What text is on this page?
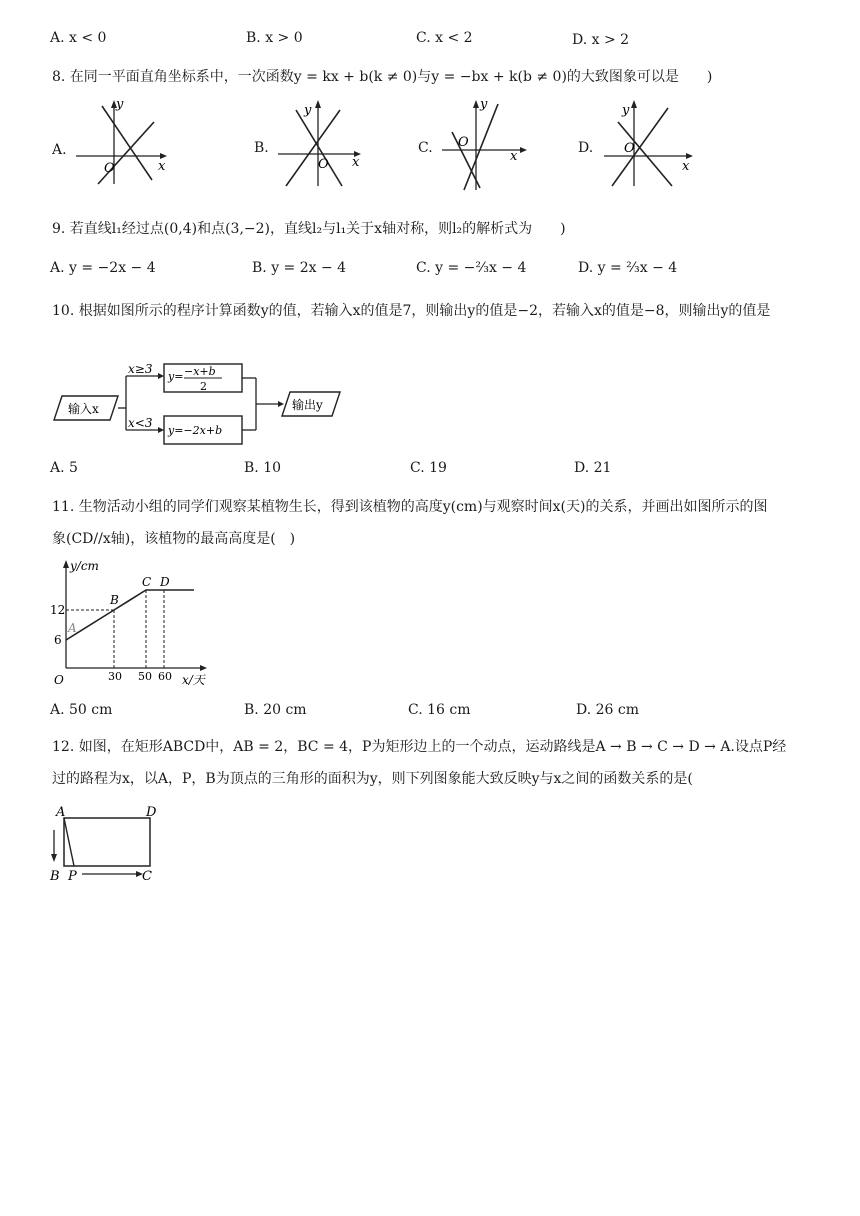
A. x < 0	B. x > 0	C. x < 2	D. x > 2
8. 在同一平面直角坐标系中，一次函数y = kx + b(k ≠ 0)与y = −bx + k(b ≠ 0)的大致图象可以是　　)
A.	B.	C.	D.
O	x
y
O x
y
O
x
y
O
x
y
9. 若直线l₁经过点(0,4)和点(3,−2)，直线l₂与l₁关于x轴对称，则l₂的解析式为　　)
A. y = −2x − 4	B. y = 2x − 4	C. y = −⅔x − 4	D. y = ⅔x − 4
10. 根据如图所示的程序计算函数y的值，若输入x的值是7，则输出y的值是−2，若输入x的值是−8，则输出y的值是
输入x
x≥3
x<3
y= −x+b
2
y=−2x+b
输出y
A. 5	B. 10	C. 19	D. 21
11. 生物活动小组的同学们观察某植物生长，得到该植物的高度y(cm)与观察时间x(天)的关系，并画出如图所示的图
象(CD//x轴)，该植物的最高高度是(　)
y/cm
x/天
O
12
6
30 50 60
A
B
C D
A. 50 cm	B. 20 cm	C. 16 cm	D. 26 cm
12. 如图，在矩形ABCD中，AB = 2，BC = 4，P为矩形边上的一个动点，运动路线是A → B → C → D → A.设点P经
过的路程为x，以A，P，B为顶点的三角形的面积为y，则下列图象能大致反映y与x之间的函数关系的是(
A	D
B P	C
